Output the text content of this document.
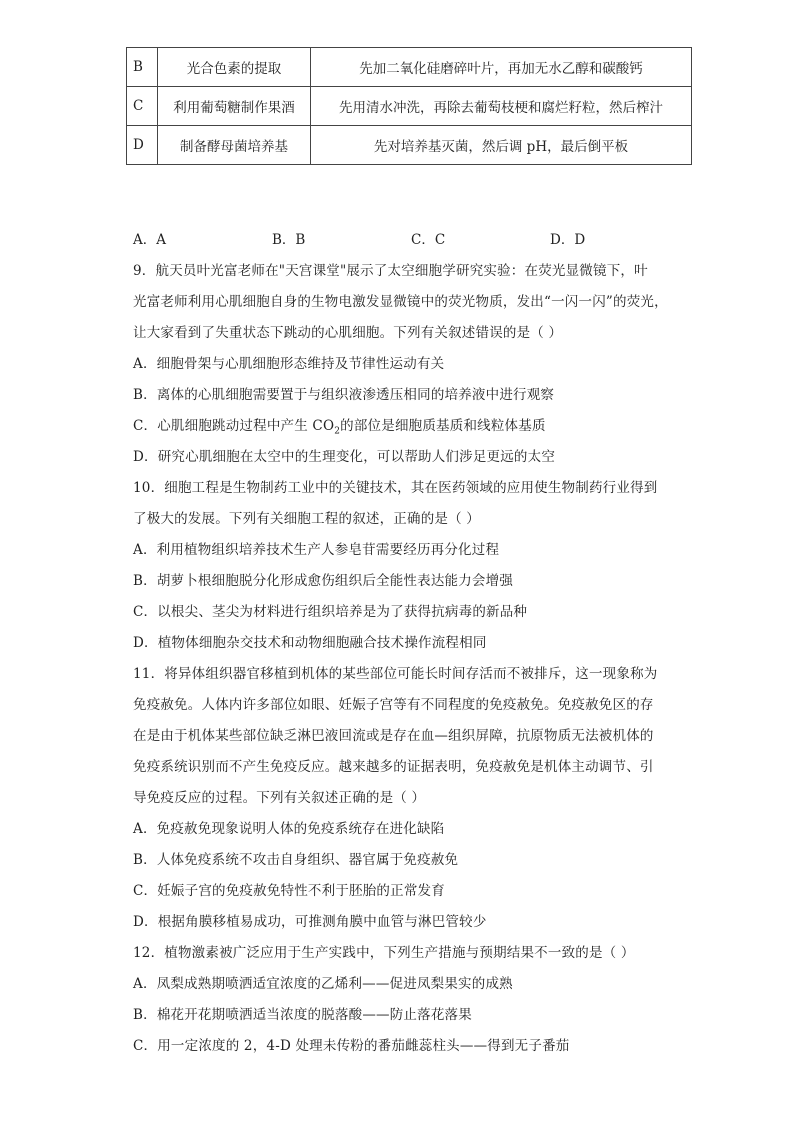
B	光合色素的提取	先加二氧化硅磨碎叶片，再加无水乙醇和碳酸钙
C	利用葡萄糖制作果酒	先用清水冲洗，再除去葡萄枝梗和腐烂籽粒，然后榨汁
D	制备酵母菌培养基	先对培养基灭菌，然后调 pH，最后倒平板
A．A	B．B	C．C	D．D
9．航天员叶光富老师在"天宫课堂"展示了太空细胞学研究实验：在荧光显微镜下，叶
光富老师利用心肌细胞自身的生物电激发显微镜中的荧光物质，发出“一闪一闪”的荧光，
让大家看到了失重状态下跳动的心肌细胞。下列有关叙述错误的是（ ）
A．细胞骨架与心肌细胞形态维持及节律性运动有关
B．离体的心肌细胞需要置于与组织液渗透压相同的培养液中进行观察
C．心肌细胞跳动过程中产生 $CO_2$的部位是细胞质基质和线粒体基质
D．研究心肌细胞在太空中的生理变化，可以帮助人们涉足更远的太空
10．细胞工程是生物制药工业中的关键技术，其在医药领域的应用使生物制药行业得到
了极大的发展。下列有关细胞工程的叙述，正确的是（ ）
A．利用植物组织培养技术生产人参皂苷需要经历再分化过程
B．胡萝卜根细胞脱分化形成愈伤组织后全能性表达能力会增强
C．以根尖、茎尖为材料进行组织培养是为了获得抗病毒的新品种
D．植物体细胞杂交技术和动物细胞融合技术操作流程相同
11．将异体组织器官移植到机体的某些部位可能长时间存活而不被排斥，这一现象称为
免疫赦免。人体内许多部位如眼、妊娠子宫等有不同程度的免疫赦免。免疫赦免区的存
在是由于机体某些部位缺乏淋巴液回流或是存在血—组织屏障，抗原物质无法被机体的
免疫系统识别而不产生免疫反应。越来越多的证据表明，免疫赦免是机体主动调节、引
导免疫反应的过程。下列有关叙述正确的是（ ）
A．免疫赦免现象说明人体的免疫系统存在进化缺陷
B．人体免疫系统不攻击自身组织、器官属于免疫赦免
C．妊娠子宫的免疫赦免特性不利于胚胎的正常发育
D．根据角膜移植易成功，可推测角膜中血管与淋巴管较少
12．植物激素被广泛应用于生产实践中，下列生产措施与预期结果不一致的是（ ）
A．凤梨成熟期喷洒适宜浓度的乙烯利——促进凤梨果实的成熟
B．棉花开花期喷洒适当浓度的脱落酸——防止落花落果
C．用一定浓度的 2，4-D 处理未传粉的番茄雌蕊柱头——得到无子番茄
